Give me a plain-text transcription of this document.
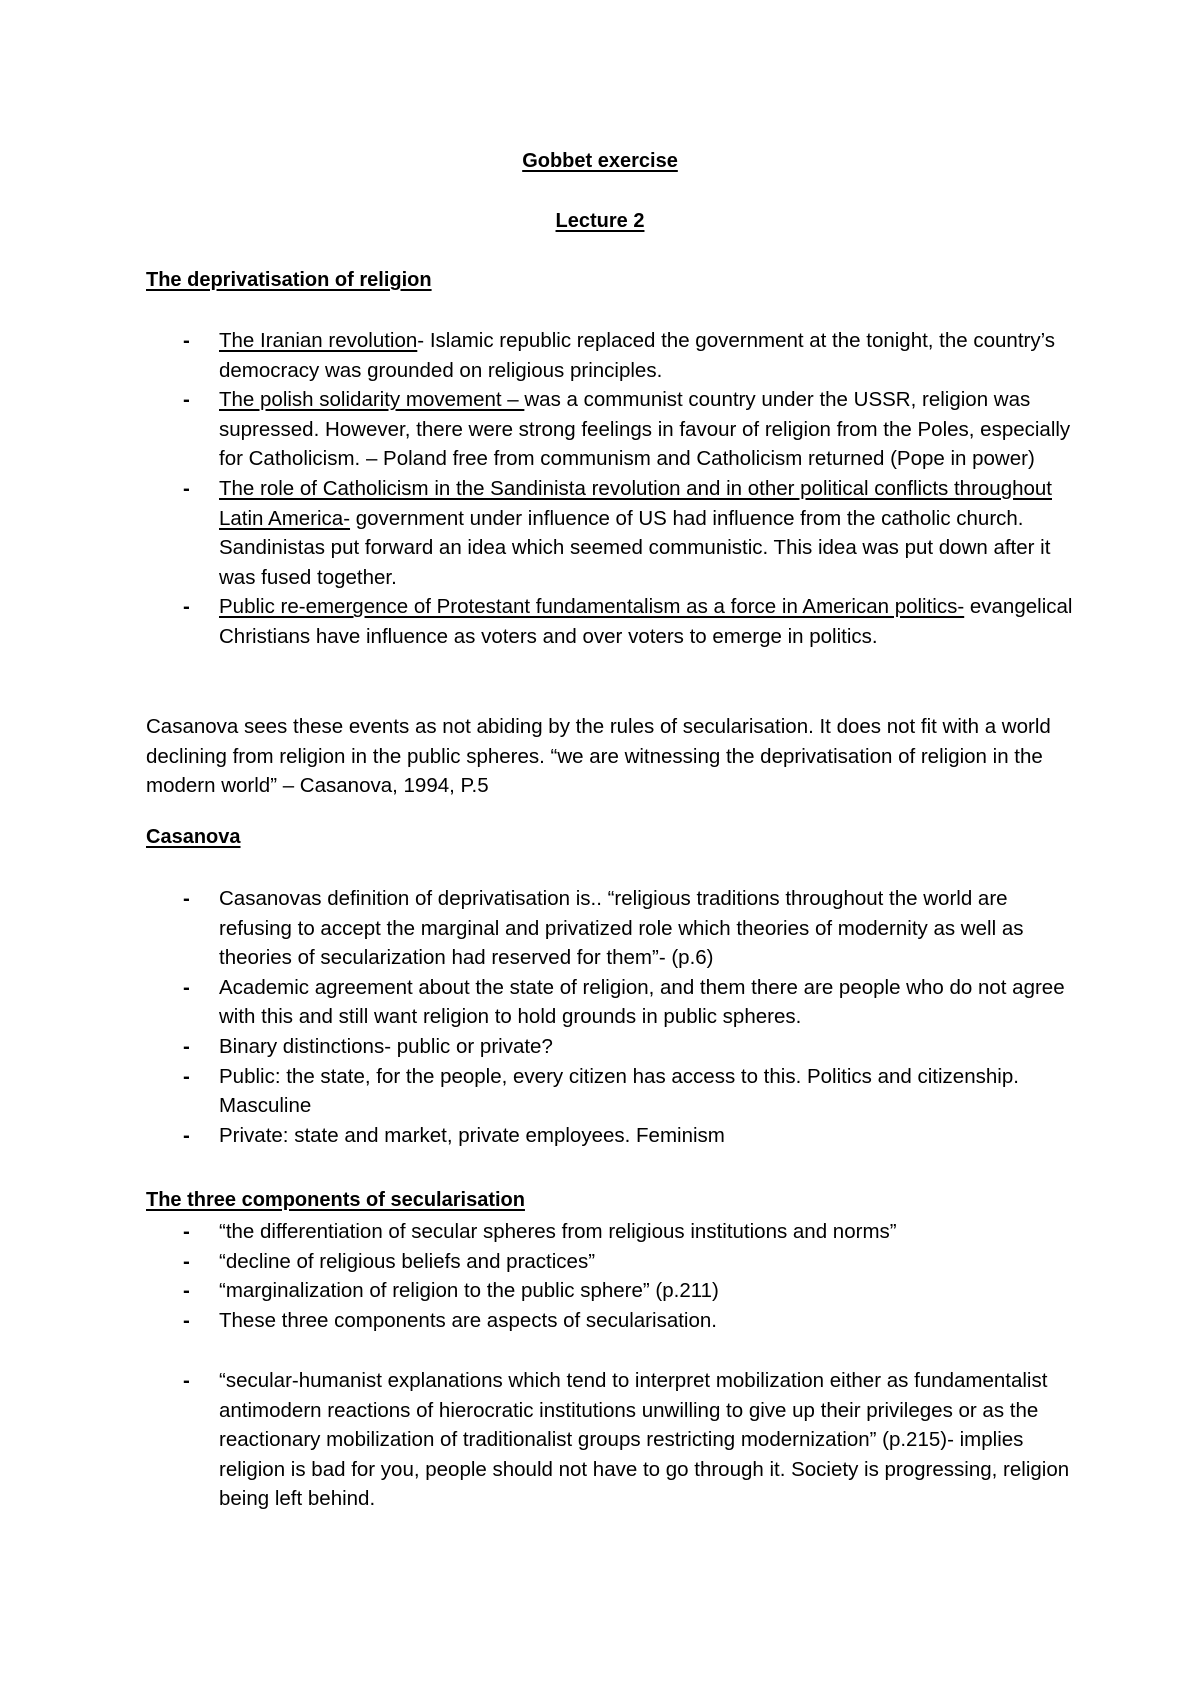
Gobbet exercise
Lecture 2
The deprivatisation of religion
- The Iranian revolution- Islamic republic replaced the government at the tonight, the country’s democracy was grounded on religious principles.
- The polish solidarity movement – was a communist country under the USSR, religion was supressed. However, there were strong feelings in favour of religion from the Poles, especially for Catholicism. – Poland free from communism and Catholicism returned (Pope in power)
- The role of Catholicism in the Sandinista revolution and in other political conflicts throughout Latin America- government under influence of US had influence from the catholic church. Sandinistas put forward an idea which seemed communistic. This idea was put down after it was fused together.
- Public re-emergence of Protestant fundamentalism as a force in American politics- evangelical Christians have influence as voters and over voters to emerge in politics.
Casanova sees these events as not abiding by the rules of secularisation. It does not fit with a world declining from religion in the public spheres. “we are witnessing the deprivatisation of religion in the modern world” – Casanova, 1994, P.5
Casanova
- Casanovas definition of deprivatisation is.. “religious traditions throughout the world are refusing to accept the marginal and privatized role which theories of modernity as well as theories of secularization had reserved for them”- (p.6)
- Academic agreement about the state of religion, and them there are people who do not agree with this and still want religion to hold grounds in public spheres.
- Binary distinctions- public or private?
- Public: the state, for the people, every citizen has access to this. Politics and citizenship. Masculine
- Private: state and market, private employees. Feminism
The three components of secularisation
- “the differentiation of secular spheres from religious institutions and norms”
- “decline of religious beliefs and practices”
- “marginalization of religion to the public sphere” (p.211)
- These three components are aspects of secularisation.
- “secular-humanist explanations which tend to interpret mobilization either as fundamentalist antimodern reactions of hierocratic institutions unwilling to give up their privileges or as the reactionary mobilization of traditionalist groups restricting modernization” (p.215)- implies religion is bad for you, people should not have to go through it. Society is progressing, religion being left behind.
